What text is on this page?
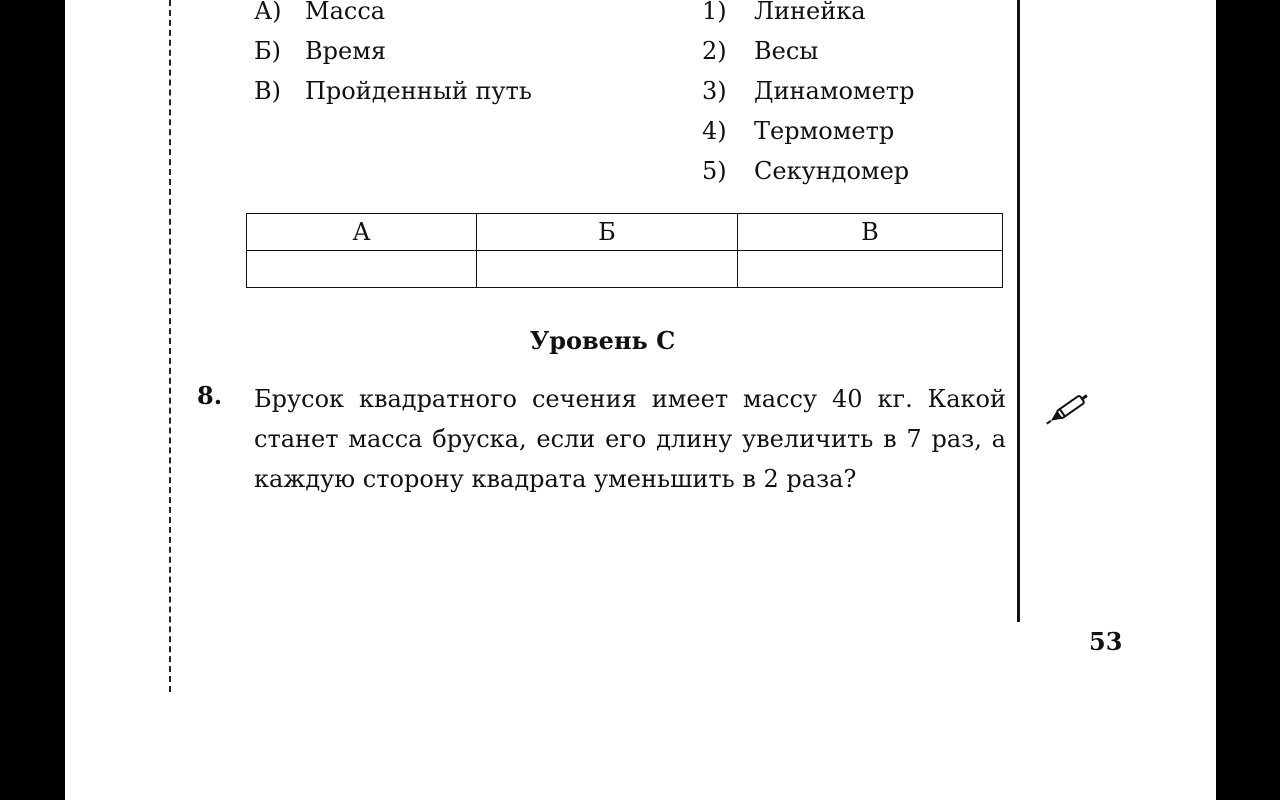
А) Масса
Б) Время
В) Пройденный путь
1) Линейка
2) Весы
3) Динамометр
4) Термометр
5) Секундомер
А	Б	В

Уровень С
8. Брусок квадратного сечения имеет массу 40 кг. Какой станет масса бруска, если его длину увеличить в 7 раз, а каждую сторону квадрата уменьшить в 2 раза?
53
